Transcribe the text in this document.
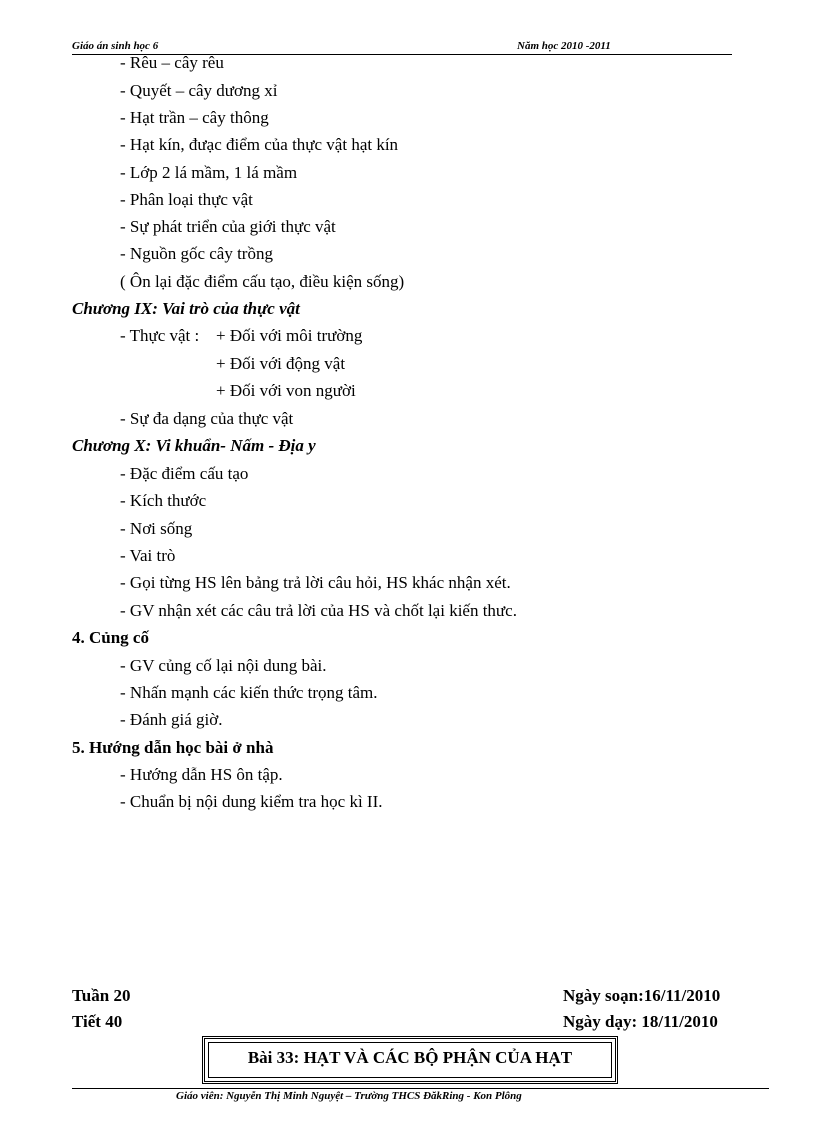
Giáo án sinh học 6	Năm học 2010 -2011
- Rêu – cây rêu
- Quyết – cây dương xỉ
- Hạt trần – cây thông
- Hạt kín, đưạc điểm của thực vật hạt kín
- Lớp 2 lá mầm, 1 lá mầm
- Phân loại thực vật
- Sự phát triển của giới thực vật
- Nguồn gốc cây trồng
( Ôn lại đặc điểm cấu tạo, điều kiện sống)
Chương IX: Vai trò của thực vật
- Thực vật : + Đối với môi trường
+ Đối với động vật
+ Đối với von người
- Sự đa dạng của thực vật
Chương X: Vi khuẩn- Nấm - Địa y
- Đặc điểm cấu tạo
- Kích thước
- Nơi sống
- Vai trò
- Gọi từng HS lên bảng trả lời câu hỏi, HS khác nhận xét.
- GV nhận xét các câu trả lời của HS và chốt lại kiến thưc.
4. Củng cố
- GV củng cố lại nội dung bài.
- Nhấn mạnh các kiến thức trọng tâm.
- Đánh giá giờ.
5. Hướng dẫn học bài ở nhà
- Hướng dẫn HS ôn tập.
- Chuẩn bị nội dung kiểm tra học kì II.
Tuần 20
Tiết 40
Ngày soạn:16/11/2010
Ngày dạy: 18/11/2010
Bài 33: HẠT VÀ CÁC BỘ PHẬN CỦA HẠT
Giáo viên: Nguyễn Thị Minh Nguyệt – Trường THCS ĐăkRing - Kon Plông
